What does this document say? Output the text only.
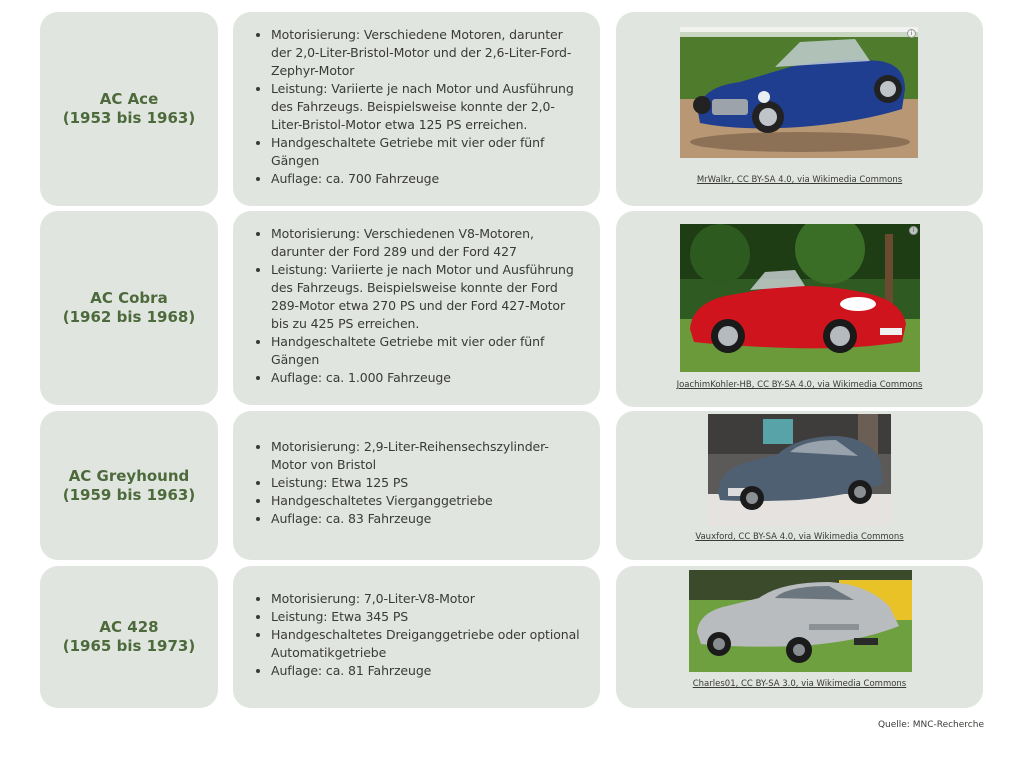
AC Ace
(1953 bis 1963)
• Motorisierung: Verschiedene Motoren, darunter der 2,0-Liter-Bristol-Motor und der 2,6-Liter-Ford-Zephyr-Motor
• Leistung: Variierte je nach Motor und Ausführung des Fahrzeugs. Beispielsweise konnte der 2,0-Liter-Bristol-Motor etwa 125 PS erreichen.
• Handgeschaltete Getriebe mit vier oder fünf Gängen
• Auflage: ca. 700 Fahrzeuge
i
MrWalkr, CC BY-SA 4.0, via Wikimedia Commons
AC Cobra
(1962 bis 1968)
• Motorisierung: Verschiedenen V8-Motoren, darunter der Ford 289 und der Ford 427
• Leistung: Variierte je nach Motor und Ausführung des Fahrzeugs. Beispielsweise konnte der Ford 289-Motor etwa 270 PS und der Ford 427-Motor bis zu 425 PS erreichen.
• Handgeschaltete Getriebe mit vier oder fünf Gängen
• Auflage: ca. 1.000 Fahrzeuge
i
JoachimKohler-HB, CC BY-SA 4.0, via Wikimedia Commons
AC Greyhound
(1959 bis 1963)
• Motorisierung: 2,9-Liter-Reihensechszylinder-Motor von Bristol
• Leistung: Etwa 125 PS
• Handgeschaltetes Vierganggetriebe
• Auflage: ca. 83 Fahrzeuge
Vauxford, CC BY-SA 4.0, via Wikimedia Commons
AC 428
(1965 bis 1973)
• Motorisierung: 7,0-Liter-V8-Motor
• Leistung: Etwa 345 PS
• Handgeschaltetes Dreiganggetriebe oder optional Automatikgetriebe
• Auflage: ca. 81 Fahrzeuge
Charles01, CC BY-SA 3.0, via Wikimedia Commons
Quelle: MNC-Recherche
